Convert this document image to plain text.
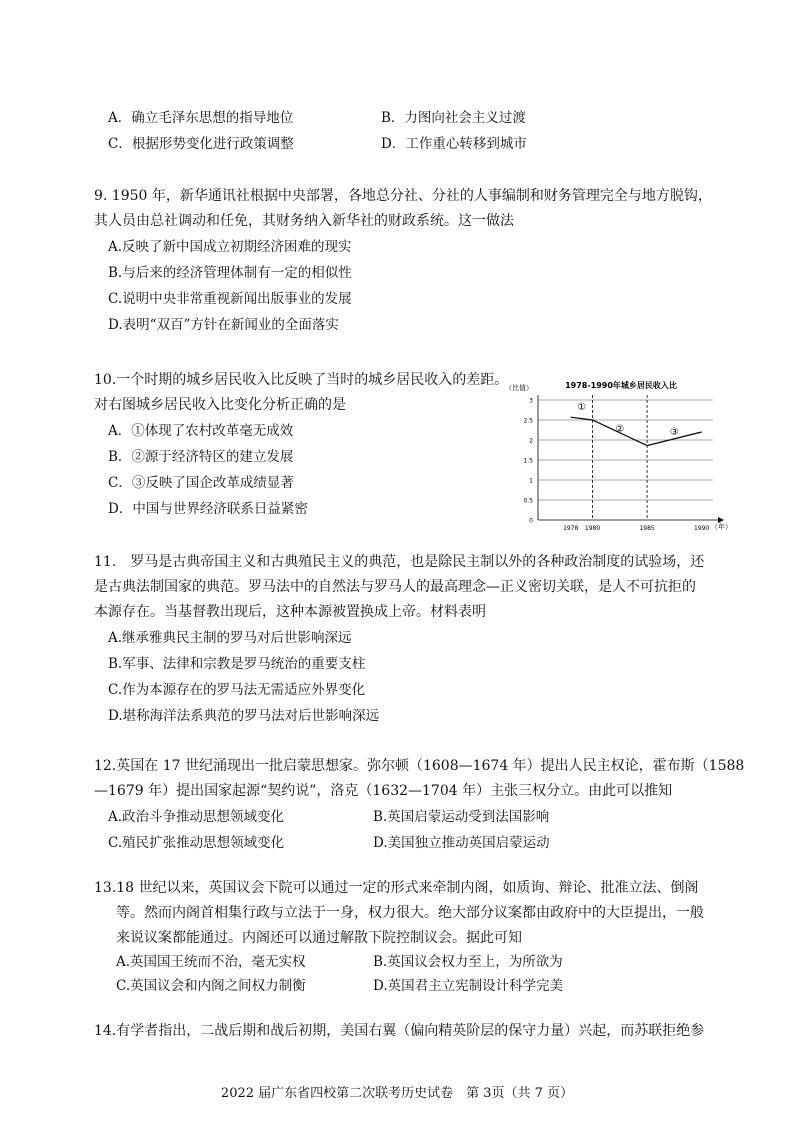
A．确立毛泽东思想的指导地位	B．力图向社会主义过渡
C．根据形势变化进行政策调整	D．工作重心转移到城市
9. 1950 年，新华通讯社根据中央部署，各地总分社、分社的人事编制和财务管理完全与地方脱钩，
其人员由总社调动和任免，其财务纳入新华社的财政系统。这一做法
A.反映了新中国成立初期经济困难的现实
B.与后来的经济管理体制有一定的相似性
C.说明中央非常重视新闻出版事业的发展
D.表明“双百”方针在新闻业的全面落实
10.一个时期的城乡居民收入比反映了当时的城乡居民收入的差距。
对右图城乡居民收入比变化分析正确的是
A．①体现了农村改革毫无成效
B．②源于经济特区的建立发展
C．③反映了国企改革成绩显著
D．中国与世界经济联系日益紧密
1978-1990年城乡居民收入比
（比值）
（年）
0
0.5
1
1.5
2
2.5
3
1978 1980	1985	1990
①
②	③
11.　罗马是古典帝国主义和古典殖民主义的典范，也是除民主制以外的各种政治制度的试验场，还
是古典法制国家的典范。罗马法中的自然法与罗马人的最高理念—正义密切关联，是人不可抗拒的
本源存在。当基督教出现后，这种本源被置换成上帝。材料表明
A.继承雅典民主制的罗马对后世影响深远
B.军事、法律和宗教是罗马统治的重要支柱
C.作为本源存在的罗马法无需适应外界变化
D.堪称海洋法系典范的罗马法对后世影响深远
12.英国在 17 世纪涌现出一批启蒙思想家。弥尔顿（1608—1674 年）提出人民主权论，霍布斯（1588
—1679 年）提出国家起源“契约说”，洛克（1632—1704 年）主张三权分立。由此可以推知
A.政治斗争推动思想领域变化	B.英国启蒙运动受到法国影响
C.殖民扩张推动思想领域变化	D.美国独立推动英国启蒙运动
13.18 世纪以来，英国议会下院可以通过一定的形式来牵制内阁，如质询、辩论、批准立法、倒阁
等。然而内阁首相集行政与立法于一身，权力很大。绝大部分议案都由政府中的大臣提出，一般
来说议案都能通过。内阁还可以通过解散下院控制议会。据此可知
A.英国国王统而不治，毫无实权	B.英国议会权力至上，为所欲为
C.英国议会和内阁之间权力制衡	D.英国君主立宪制设计科学完美
14.有学者指出，二战后期和战后初期，美国右翼（偏向精英阶层的保守力量）兴起，而苏联拒绝参
2022 届广东省四校第二次联考历史试卷　第 3页（共 7 页）
